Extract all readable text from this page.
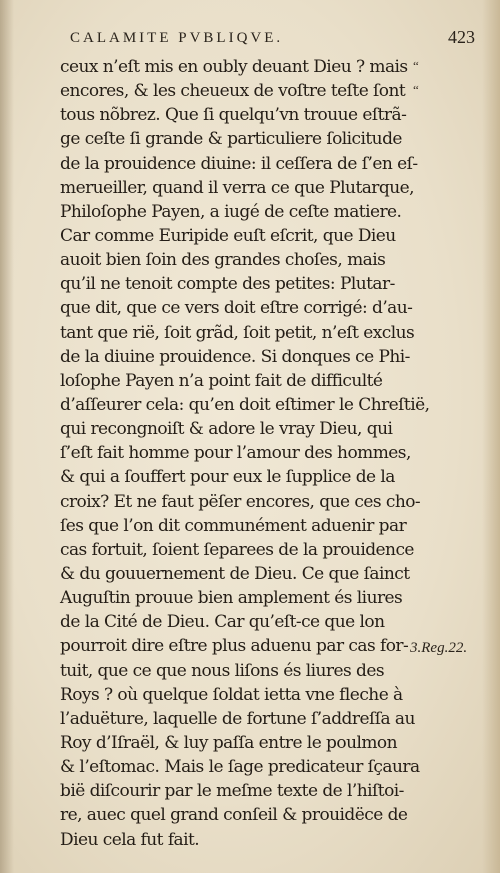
CALAMITE PVBLIQVE.	423
“
“
ceux n’eſt mis en oubly deuant Dieu ? mais
encores, & les cheueux de voſtre teſte ſont
tous nõbrez. Que ſi quelqu’vn trouue eſtrã-
ge ceſte ſi grande & particuliere ſolicitude
de la prouidence diuine: il ceſſera de ſ’en eſ-
merueiller, quand il verra ce que Plutarque,
Philoſophe Payen, a iugé de ceſte matiere.
Car comme Euripide euſt eſcrit, que Dieu
auoit bien ſoin des grandes choſes, mais
qu’il ne tenoit compte des petites: Plutar-
que dit, que ce vers doit eſtre corrigé: d’au-
tant que rië, ſoit grãd, ſoit petit, n’eſt exclus
de la diuine prouidence. Si donques ce Phi-
loſophe Payen n’a point fait de difficulté
d’aſſeurer cela: qu’en doit eſtimer le Chreſtië,
qui recongnoiſt & adore le vray Dieu, qui
ſ’eſt fait homme pour l’amour des hommes,
& qui a ſouffert pour eux le ſupplice de la
croix? Et ne faut pëſer encores, que ces cho-
ſes que l’on dit communément aduenir par
cas fortuit, ſoient ſeparees de la prouidence
& du gouuernement de Dieu. Ce que ſainct
Auguſtin prouue bien amplement és liures
de la Cité de Dieu. Car qu’eſt-ce que lon
pourroit dire eſtre plus aduenu par cas for-
tuit, que ce que nous liſons és liures des
Roys ? où quelque ſoldat ietta vne fleche à
l’aduëture, laquelle de fortune ſ’addreſſa au
Roy d’Iſraël, & luy paſſa entre le poulmon
& l’eſtomac. Mais le ſage predicateur ſçaura
bië diſcourir par le meſme texte de l’hiſtoi-
re, auec quel grand conſeil & prouidëce de
Dieu cela fut fait.
3.Reg.22.
